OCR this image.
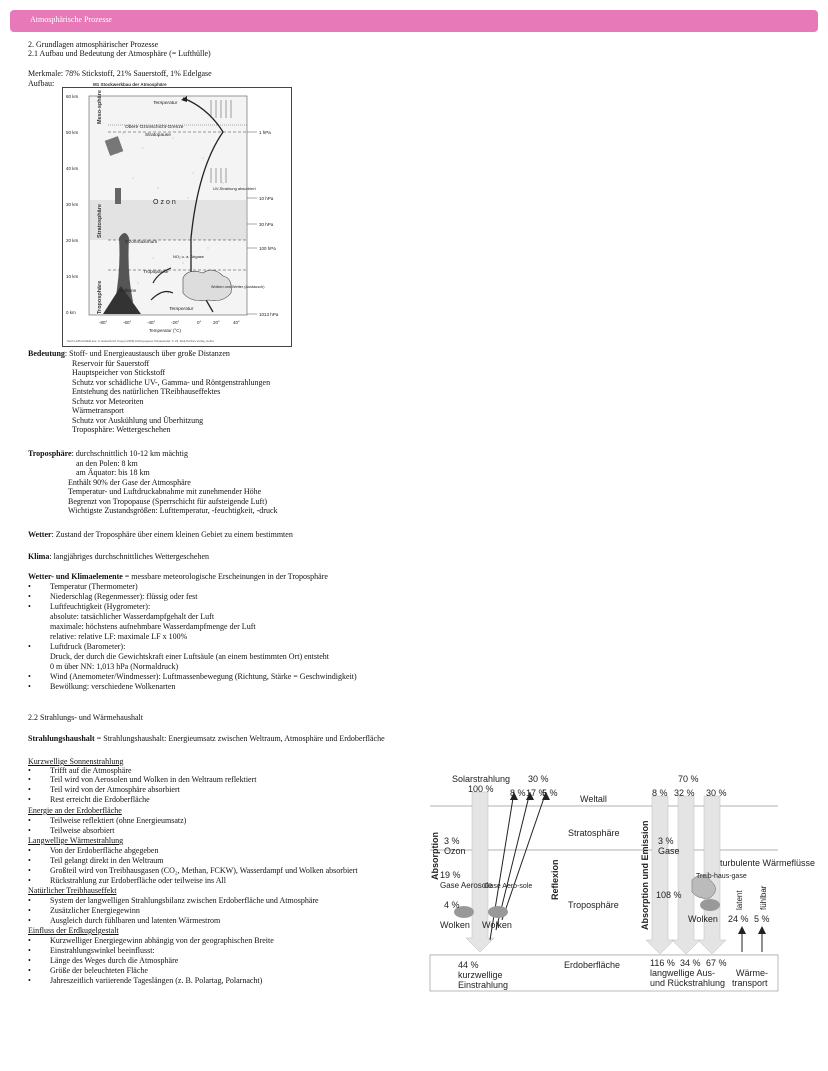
Atmosphärische Prozesse
2. Grundlagen atmosphärischer Prozesse
2.1 Aufbau und Bedeutung der Atmosphäre (= Lufthülle)
Merkmale: 78% Stickstoff, 21% Sauerstoff, 1% Edelgase
Aufbau:
60 km
50 km
40 km
30 km
20 km
10 km
0 km
1 hPa
10 hPa
30 hPa
100 hPa
1013 hPa
Meso-sphäre
Stratosphäre
Troposphäre
Temperatur
Obere Ozonschicht-Grenze
Stratopause
Ozon
UV-Strahlung absorbiert
Ozonmaximum
NO₂ u. a. Abgase
Tropopause
Vulkane
Wolken und Wetter (Austausch)
Temperatur
-80°	-60°	-40°	-20°	0°	20°	40°
Temperatur (°C)
Nach LAPLACHER aus: U. Eukatz/H.M. Koepp (2005) Anthropogener Klimawandel, S. 26, Klett-Perthes Verlag, Gotha
M1 Stockwerkbau der Atmosphäre
Bedeutung: Stoff- und Energieaustausch über große Distanzen
Reservoir für Sauerstoff
Hauptspeicher von Stickstoff
Schutz vor schädliche UV-, Gamma- und Röntgenstrahlungen
Entstehung des natürlichen TReibhauseffektes
Schutz vor Meteoriten
Wärmetransport
Schutz vor Auskühlung und Überhitzung
Troposphäre: Wettergeschehen
Troposphäre: durchschnittlich 10-12 km mächtig
an den Polen: 8 km
am Äquator: bis 18 km
Enthält 90% der Gase der Atmosphäre
Temperatur- und Luftdruckabnahme mit zunehmender Höhe
Begrenzt von Tropopause (Sperrschicht für aufsteigende Luft)
Wichtigste Zustandsgrößen: Lufttemperatur, -feuchtigkeit, -druck
Wetter: Zustand der Troposphäre über einem kleinen Gebiet zu einem bestimmten
Klima: langjähriges durchschnittliches Wettergeschehen
Wetter- und Klimaelemente = messbare meteorologische Erscheinungen in der Troposphäre
• Temperatur (Thermometer)
• Niederschlag (Regenmesser): flüssig oder fest
• Luftfeuchtigkeit (Hygrometer):
absolute: tatsächlicher Wasserdampfgehalt der Luft
maximale: höchstens aufnehmbare Wasserdampfmenge der Luft
relative: relative LF: maximale LF x 100%
• Luftdruck (Barometer):
Druck, der durch die Gewichtskraft einer Luftsäule (an einem bestimmten Ort) entsteht
0 m über NN: 1,013 hPa (Normaldruck)
• Wind (Anemometer/Windmesser): Luftmassenbewegung (Richtung, Stärke = Geschwindigkeit)
• Bewölkung: verschiedene Wolkenarten
2.2 Strahlungs- und Wärmehaushalt
Strahlungshaushalt = Strahlungshaushalt: Energieumsatz zwischen Weltraum, Atmosphäre und Erdoberfläche
Kurzwellige Sonnenstrahlung
• Trifft auf die Atmosphäre
• Teil wird von Aerosolen und Wolken in den Weltraum reflektiert
• Teil wird von der Atmosphäre absorbiert
• Rest erreicht die Erdoberfläche
Energie an der Erdoberfläche
• Teilweise reflektiert (ohne Energieumsatz)
• Teilweise absorbiert
Langwellige Wärmestrahlung
• Von der Erdoberfläche abgegeben
• Teil gelangt direkt in den Weltraum
• Großteil wird von Treibhausgasen (CO₂, Methan, FCKW), Wasserdampf und Wolken absorbiert
• Rückstrahlung zur Erdoberfläche oder teilweise ins All
Natürlicher Treibhauseffekt
• System der langwelligen Strahlungsbilanz zwischen Erdoberfläche und Atmosphäre
• Zusätzlicher Energiegewinn
• Ausgleich durch fühlbaren und latenten Wärmestrom
Einfluss der Erdkugelgestalt
• Kurzwelliger Energiegewinn abhängig von der geographischen Breite
• Einstrahlungswinkel beeinflusst:
• Länge des Weges durch die Atmosphäre
• Größe der beleuchteten Fläche
• Jahreszeitlich variierende Tageslängen (z. B. Polartag, Polarnacht)
Solarstrahlung
100 %
30 %
8 % 17 %
5 %
Weltall
70 %
8 % 32 % 30 %
Stratosphäre
Troposphäre
3 %
Ozon
3 %
Gase
19 %
Gase Aerosole
Gase Aero-sole
4 %
Wolken Wolken
Wolken
turbulente Wärmeflüsse
Treib-haus-gase
108 %
24 % 5 %
Erdoberfläche
44 %
kurzwellige
Einstrahlung
116 % 34 % 67 %
langwellige Aus-
und Rückstrahlung
Wärme-
transport
Absorption	Reflexion	Absorption und Emission	latent fühlbar
